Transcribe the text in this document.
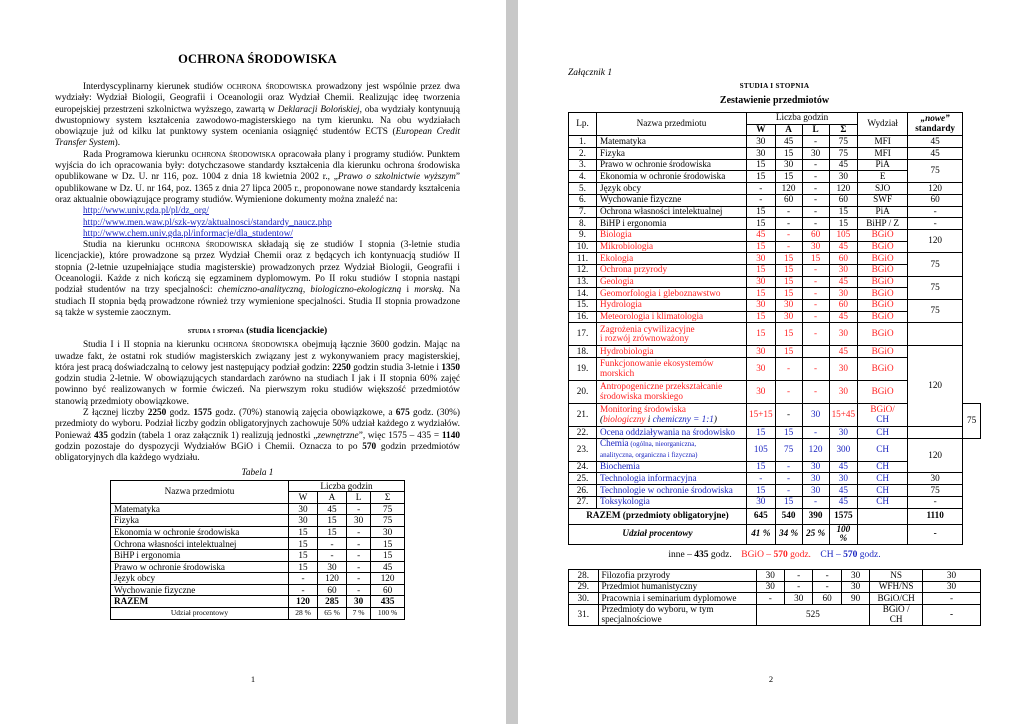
OCHRONA ŚRODOWISKA

Interdyscyplinarny kierunek studiów ochrona środowiska prowadzony jest wspólnie przez dwa wydziały: Wydział Biologii, Geografii i Oceanologii oraz Wydział Chemii. Realizując ideę tworzenia europejskiej przestrzeni szkolnictwa wyższego, zawartą w Deklaracji Bolońskiej, oba wydziały kontynuują dwustopniowy system kształcenia zawodowo-magisterskiego na tym kierunku. Na obu wydziałach obowiązuje już od kilku lat punktowy system oceniania osiągnięć studentów ECTS (European Credit Transfer System).

Rada Programowa kierunku ochrona środowiska opracowała plany i programy studiów. Punktem wyjścia do ich opracowania były: dotychczasowe standardy kształcenia dla kierunku ochrona środowiska opublikowane w Dz. U. nr 116, poz. 1004 z dnia 18 kwietnia 2002 r., „Prawo o szkolnictwie wyższym” opublikowane w Dz. U. nr 164, poz. 1365 z dnia 27 lipca 2005 r., proponowane nowe standardy kształcenia oraz aktualnie obowiązujące programy studiów. Wymienione dokumenty można znaleźć na:

http://www.univ.gda.pl/pl/dz_org/
http://www.men.waw.pl/szk-wyz/aktualnosci/standardy_naucz.php
http://www.chem.univ.gda.pl/informacje/dla_studentow/

Studia na kierunku ochrona środowiska składają się ze studiów I stopnia (3-letnie studia licencjackie), które prowadzone są przez Wydział Chemii oraz z będących ich kontynuacją studiów II stopnia (2-letnie uzupełniające studia magisterskie) prowadzonych przez Wydział Biologii, Geografii i Oceanologii. Każde z nich kończą się egzaminem dyplomowym. Po II roku studiów I stopnia nastąpi podział studentów na trzy specjalności: chemiczno-analityczną, biologiczno-ekologiczną i morską. Na studiach II stopnia będą prowadzone również trzy wymienione specjalności. Studia II stopnia prowadzone są także w systemie zaocznym.

studia i stopnia (studia licencjackie)

Studia I i II stopnia na kierunku ochrona środowiska obejmują łącznie 3600 godzin. Mając na uwadze fakt, że ostatni rok studiów magisterskich związany jest z wykonywaniem pracy magisterskiej, która jest pracą doświadczalną to celowy jest następujący podział godzin: 2250 godzin studia 3-letnie i 1350 godzin studia 2-letnie. W obowiązujących standardach zarówno na studiach I jak i II stopnia 60% zajęć powinno być realizowanych w formie ćwiczeń. Na pierwszym roku studiów większość przedmiotów stanowią przedmioty obowiązkowe.

Z łącznej liczby 2250 godz. 1575 godz. (70%) stanowią zajęcia obowiązkowe, a 675 godz. (30%) przedmioty do wyboru. Podział liczby godzin obligatoryjnych zachowuje 50% udział każdego z wydziałów. Ponieważ 435 godzin (tabela 1 oraz załącznik 1) realizują jednostki „zewnętrzne”, więc 1575 – 435 = 1140 godzin pozostaje do dyspozycji Wydziałów BGiO i Chemii. Oznacza to po 570 godzin przedmiotów obligatoryjnych dla każdego wydziału.

Tabela 1
Nazwa przedmiotu	Liczba godzin			
	W	A	L	Σ
Matematyka	30	45	-	75
Fizyka	30	15	30	75
Ekonomia w ochronie środowiska	15	15	-	30
Ochrona własności intelektualnej	15	-	-	15
BiHP i ergonomia	15	-	-	15
Prawo w ochronie środowiska	15	30	-	45
Język obcy	-	120	-	120
Wychowanie fizyczne	-	60	-	60
RAZEM	120	285	30	435
Udział procentowy	28 %	65 %	7 %	100 %
1
Załącznik 1
STUDIA I STOPNIA
Zestawienie przedmiotów
Lp.	Nazwa przedmiotu	Liczba godzin				Wydział	„nowe”
standardy	
		W	A	L	Σ			
1.	Matematyka	30	45	-	75	MFI	45	
2.	Fizyka	30	15	30	75	MFI	45	
3.	Prawo w ochronie środowiska	15	30	-	45	PiA	75	
4.	Ekonomia w ochronie środowiska	15	15	-	30	E		
5.	Język obcy	-	120	-	120	SJO	120	
6.	Wychowanie fizyczne	-	60	-	60	SWF	60	
7.	Ochrona własności intelektualnej	15	-	-	15	PiA	-	
8.	BiHP i ergonomia	15	-	-	15	BiHP / Z	-	
9.	Biologia	45	-	60	105	BGiO	120	
10.	Mikrobiologia	15	-	30	45	BGiO		
11.	Ekologia	30	15	15	60	BGiO	75	
12.	Ochrona przyrody	15	15	-	30	BGiO		
13.	Geologia	30	15	-	45	BGiO	75	
14.	Geomorfologia i gleboznawstwo	15	15	-	30	BGiO		
15.	Hydrologia	30	30	-	60	BGiO	75	
16.	Meteorologia i klimatologia	15	30	-	45	BGiO		
17.	Zagrożenia cywilizacyjne
i rozwój zrównoważony	15	15	-	30	BGiO		
18.	Hydrobiologia	30	15		45	BGiO	120	
19.	Funkcjonowanie ekosystemów
morskich	30	-	-	30	BGiO		
20.	Antropogeniczne przekształcanie
środowiska morskiego	30	-	-	30	BGiO		
21.	Monitoring środowiska
(biologiczny i chemiczny = 1:1)	15+15	-	30	15+45	BGiO/
CH		75
22.	Ocena oddziaływania na środowisko	15	15	-	30	CH		
23.	Chemia (ogólna, nieorganiczna,
analityczna, organiczna i fizyczna)	105	75	120	300	CH	120	
24.	Biochemia	15	-	30	45	CH		
25.	Technologia informacyjna	-	-	30	30	CH	30	
26.	Technologie w ochronie środowiska	15	-	30	45	CH	75	
27.	Toksykologia	30	15	-	45	CH	-	
RAZEM (przedmioty obligatoryjne)		645	540	390	1575		1110	
Udział procentowy		41 %	34 %	25 %	100 %		-	
inne – 435 godz. BGiO – 570 godz. CH – 570 godz.
28.	Filozofia przyrody	30	-	-	30	NS	30
29.	Przedmiot humanistyczny	30	-	-	30	WFH/NS	30
30.	Pracownia i seminarium dyplomowe	-	30	60	90	BGiO/CH	-
31.	Przedmioty do wyboru, w tym
specjalnościowe	525				BGiO /
CH	-
2
